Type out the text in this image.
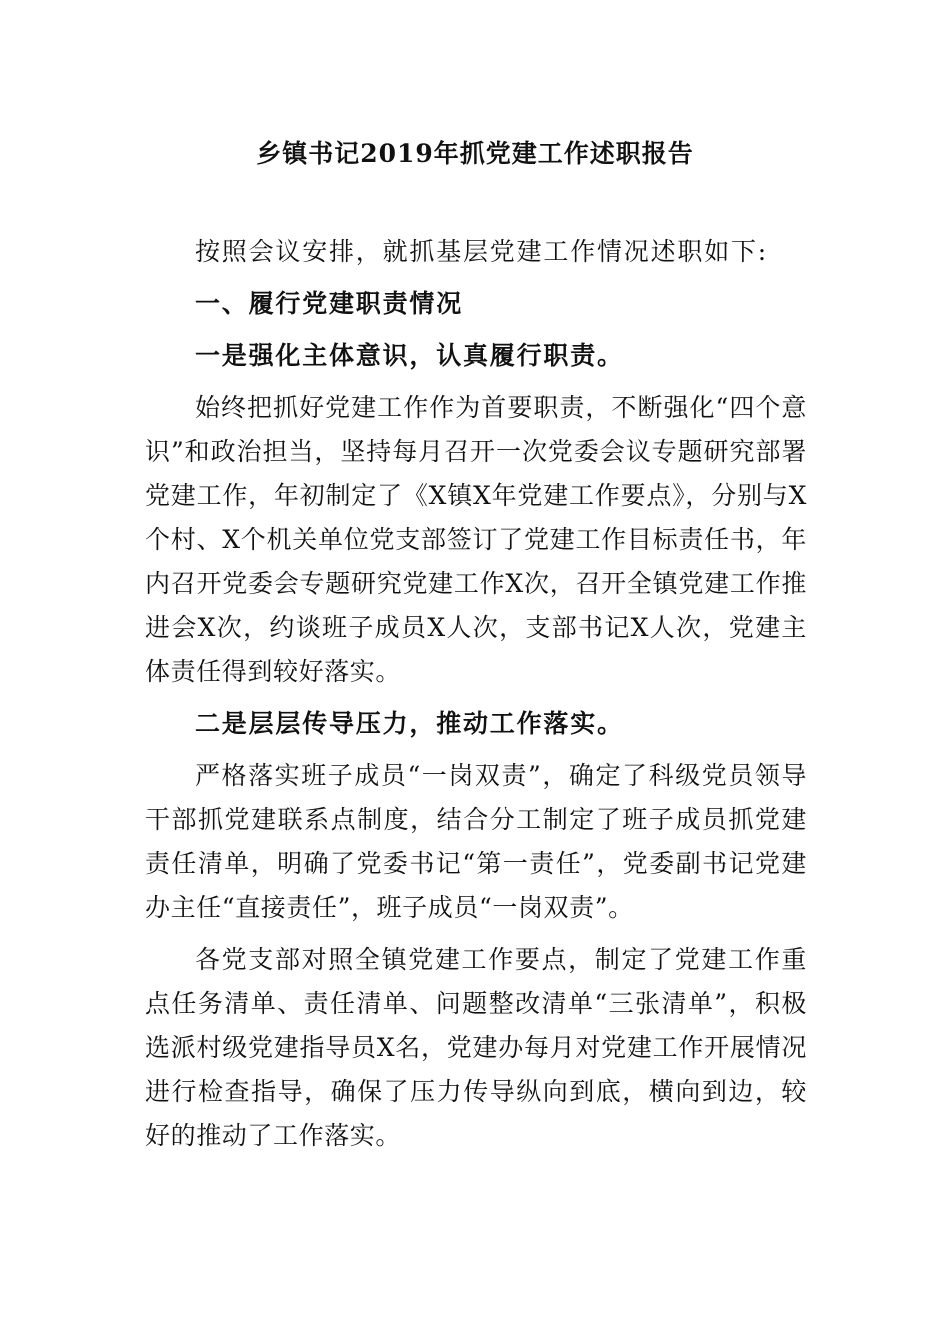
乡镇书记2019年抓党建工作述职报告

按照会议安排，就抓基层党建工作情况述职如下:

一、履行党建职责情况

一是强化主体意识，认真履行职责。

始终把抓好党建工作作为首要职责，不断强化“四个意识”和政治担当，坚持每月召开一次党委会议专题研究部署党建工作，年初制定了《X镇X年党建工作要点》，分别与X个村、X个机关单位党支部签订了党建工作目标责任书，年内召开党委会专题研究党建工作X次，召开全镇党建工作推进会X次，约谈班子成员X人次，支部书记X人次，党建主体责任得到较好落实。

二是层层传导压力，推动工作落实。

严格落实班子成员“一岗双责”，确定了科级党员领导干部抓党建联系点制度，结合分工制定了班子成员抓党建责任清单，明确了党委书记“第一责任”，党委副书记党建办主任“直接责任”，班子成员“一岗双责”。

各党支部对照全镇党建工作要点，制定了党建工作重点任务清单、责任清单、问题整改清单“三张清单”，积极选派村级党建指导员X名，党建办每月对党建工作开展情况进行检查指导，确保了压力传导纵向到底，横向到边，较好的推动了工作落实。
